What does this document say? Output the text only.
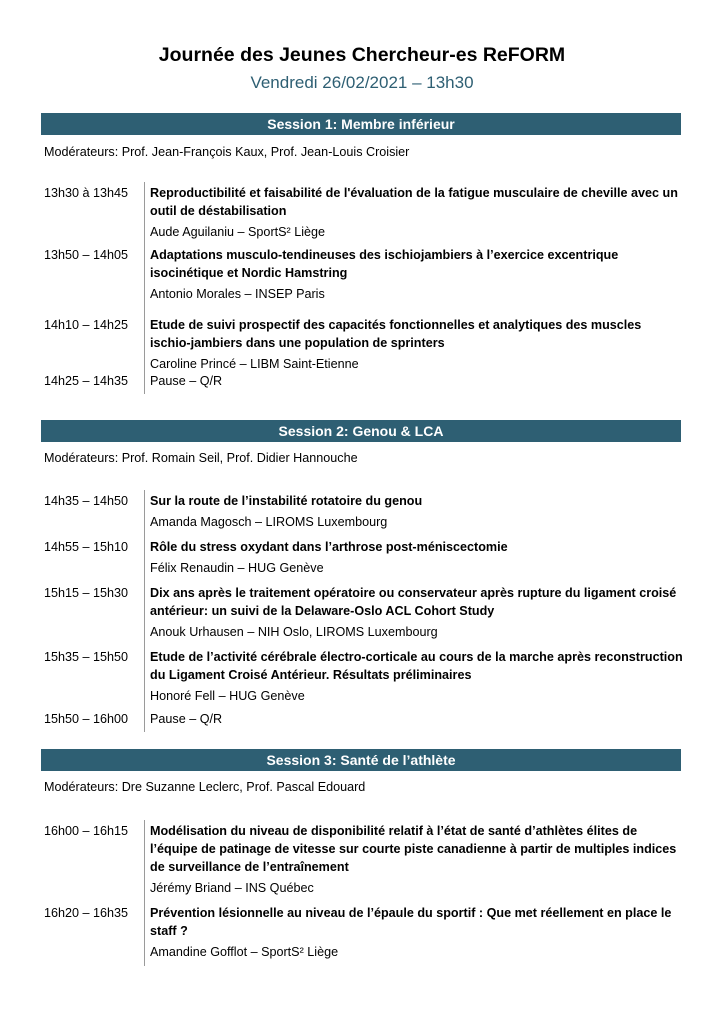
Journée des Jeunes Chercheur-es ReFORM
Vendredi 26/02/2021 – 13h30
Session 1: Membre inférieur
Modérateurs: Prof. Jean-François Kaux, Prof. Jean-Louis Croisier
13h30 à 13h45	Reproductibilité et faisabilité de l'évaluation de la fatigue musculaire de cheville avec un outil de déstabilisation
Aude Aguilaniu – SportS² Liège
13h50 – 14h05	Adaptations musculo-tendineuses des ischiojambiers à l’exercice excentrique isocinétique et Nordic Hamstring
Antonio Morales – INSEP Paris
14h10 – 14h25	Etude de suivi prospectif des capacités fonctionnelles et analytiques des muscles ischio-jambiers dans une population de sprinters
Caroline Princé – LIBM Saint-Etienne
14h25 – 14h35	Pause – Q/R
Session 2: Genou & LCA
Modérateurs: Prof. Romain Seil, Prof. Didier Hannouche
14h35 – 14h50	Sur la route de l’instabilité rotatoire du genou
Amanda Magosch – LIROMS Luxembourg
14h55 – 15h10	Rôle du stress oxydant dans l’arthrose post-méniscectomie
Félix Renaudin – HUG Genève
15h15 – 15h30	Dix ans après le traitement opératoire ou conservateur après rupture du ligament croisé antérieur: un suivi de la Delaware-Oslo ACL Cohort Study
Anouk Urhausen – NIH Oslo, LIROMS Luxembourg
15h35 – 15h50	Etude de l’activité cérébrale électro-corticale au cours de la marche après reconstruction du Ligament Croisé Antérieur. Résultats préliminaires
Honoré Fell – HUG Genève
15h50 – 16h00	Pause – Q/R
Session 3: Santé de l’athlète
Modérateurs: Dre Suzanne Leclerc, Prof. Pascal Edouard
16h00 – 16h15	Modélisation du niveau de disponibilité relatif à l’état de santé d’athlètes élites de l’équipe de patinage de vitesse sur courte piste canadienne à partir de multiples indices de surveillance de l’entraînement
Jérémy Briand – INS Québec
16h20 – 16h35	Prévention lésionnelle au niveau de l’épaule du sportif : Que met réellement en place le staff ?
Amandine Gofflot – SportS² Liège
